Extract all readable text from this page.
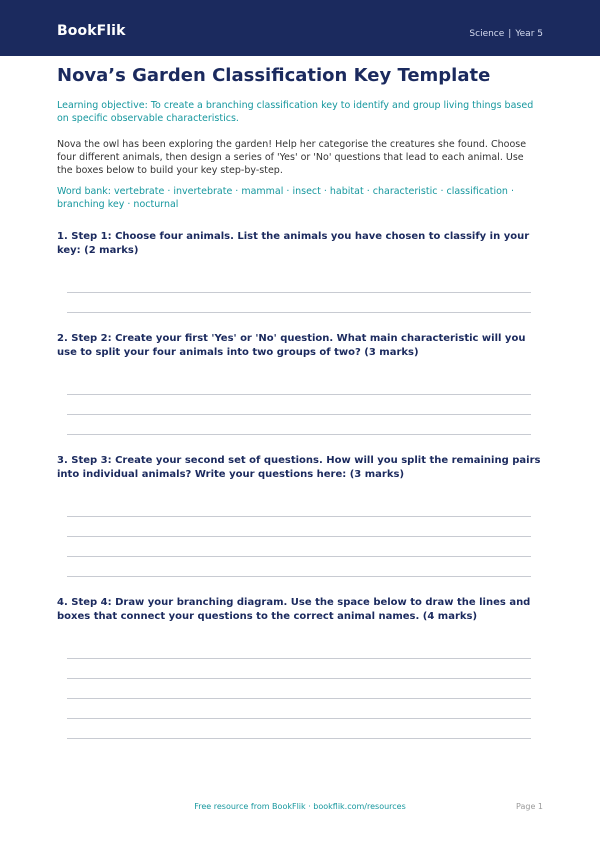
BookFlik	Science | Year 5
Nova’s Garden Classification Key Template
Learning objective: To create a branching classification key to identify and group living things based on specific observable characteristics.
Nova the owl has been exploring the garden! Help her categorise the creatures she found. Choose four different animals, then design a series of 'Yes' or 'No' questions that lead to each animal. Use the boxes below to build your key step-by-step.
Word bank: vertebrate · invertebrate · mammal · insect · habitat · characteristic · classification · branching key · nocturnal
1. Step 1: Choose four animals. List the animals you have chosen to classify in your key: (2 marks)
2. Step 2: Create your first 'Yes' or 'No' question. What main characteristic will you use to split your four animals into two groups of two? (3 marks)
3. Step 3: Create your second set of questions. How will you split the remaining pairs into individual animals? Write your questions here: (3 marks)
4. Step 4: Draw your branching diagram. Use the space below to draw the lines and boxes that connect your questions to the correct animal names. (4 marks)
Free resource from BookFlik · bookflik.com/resources	Page 1
